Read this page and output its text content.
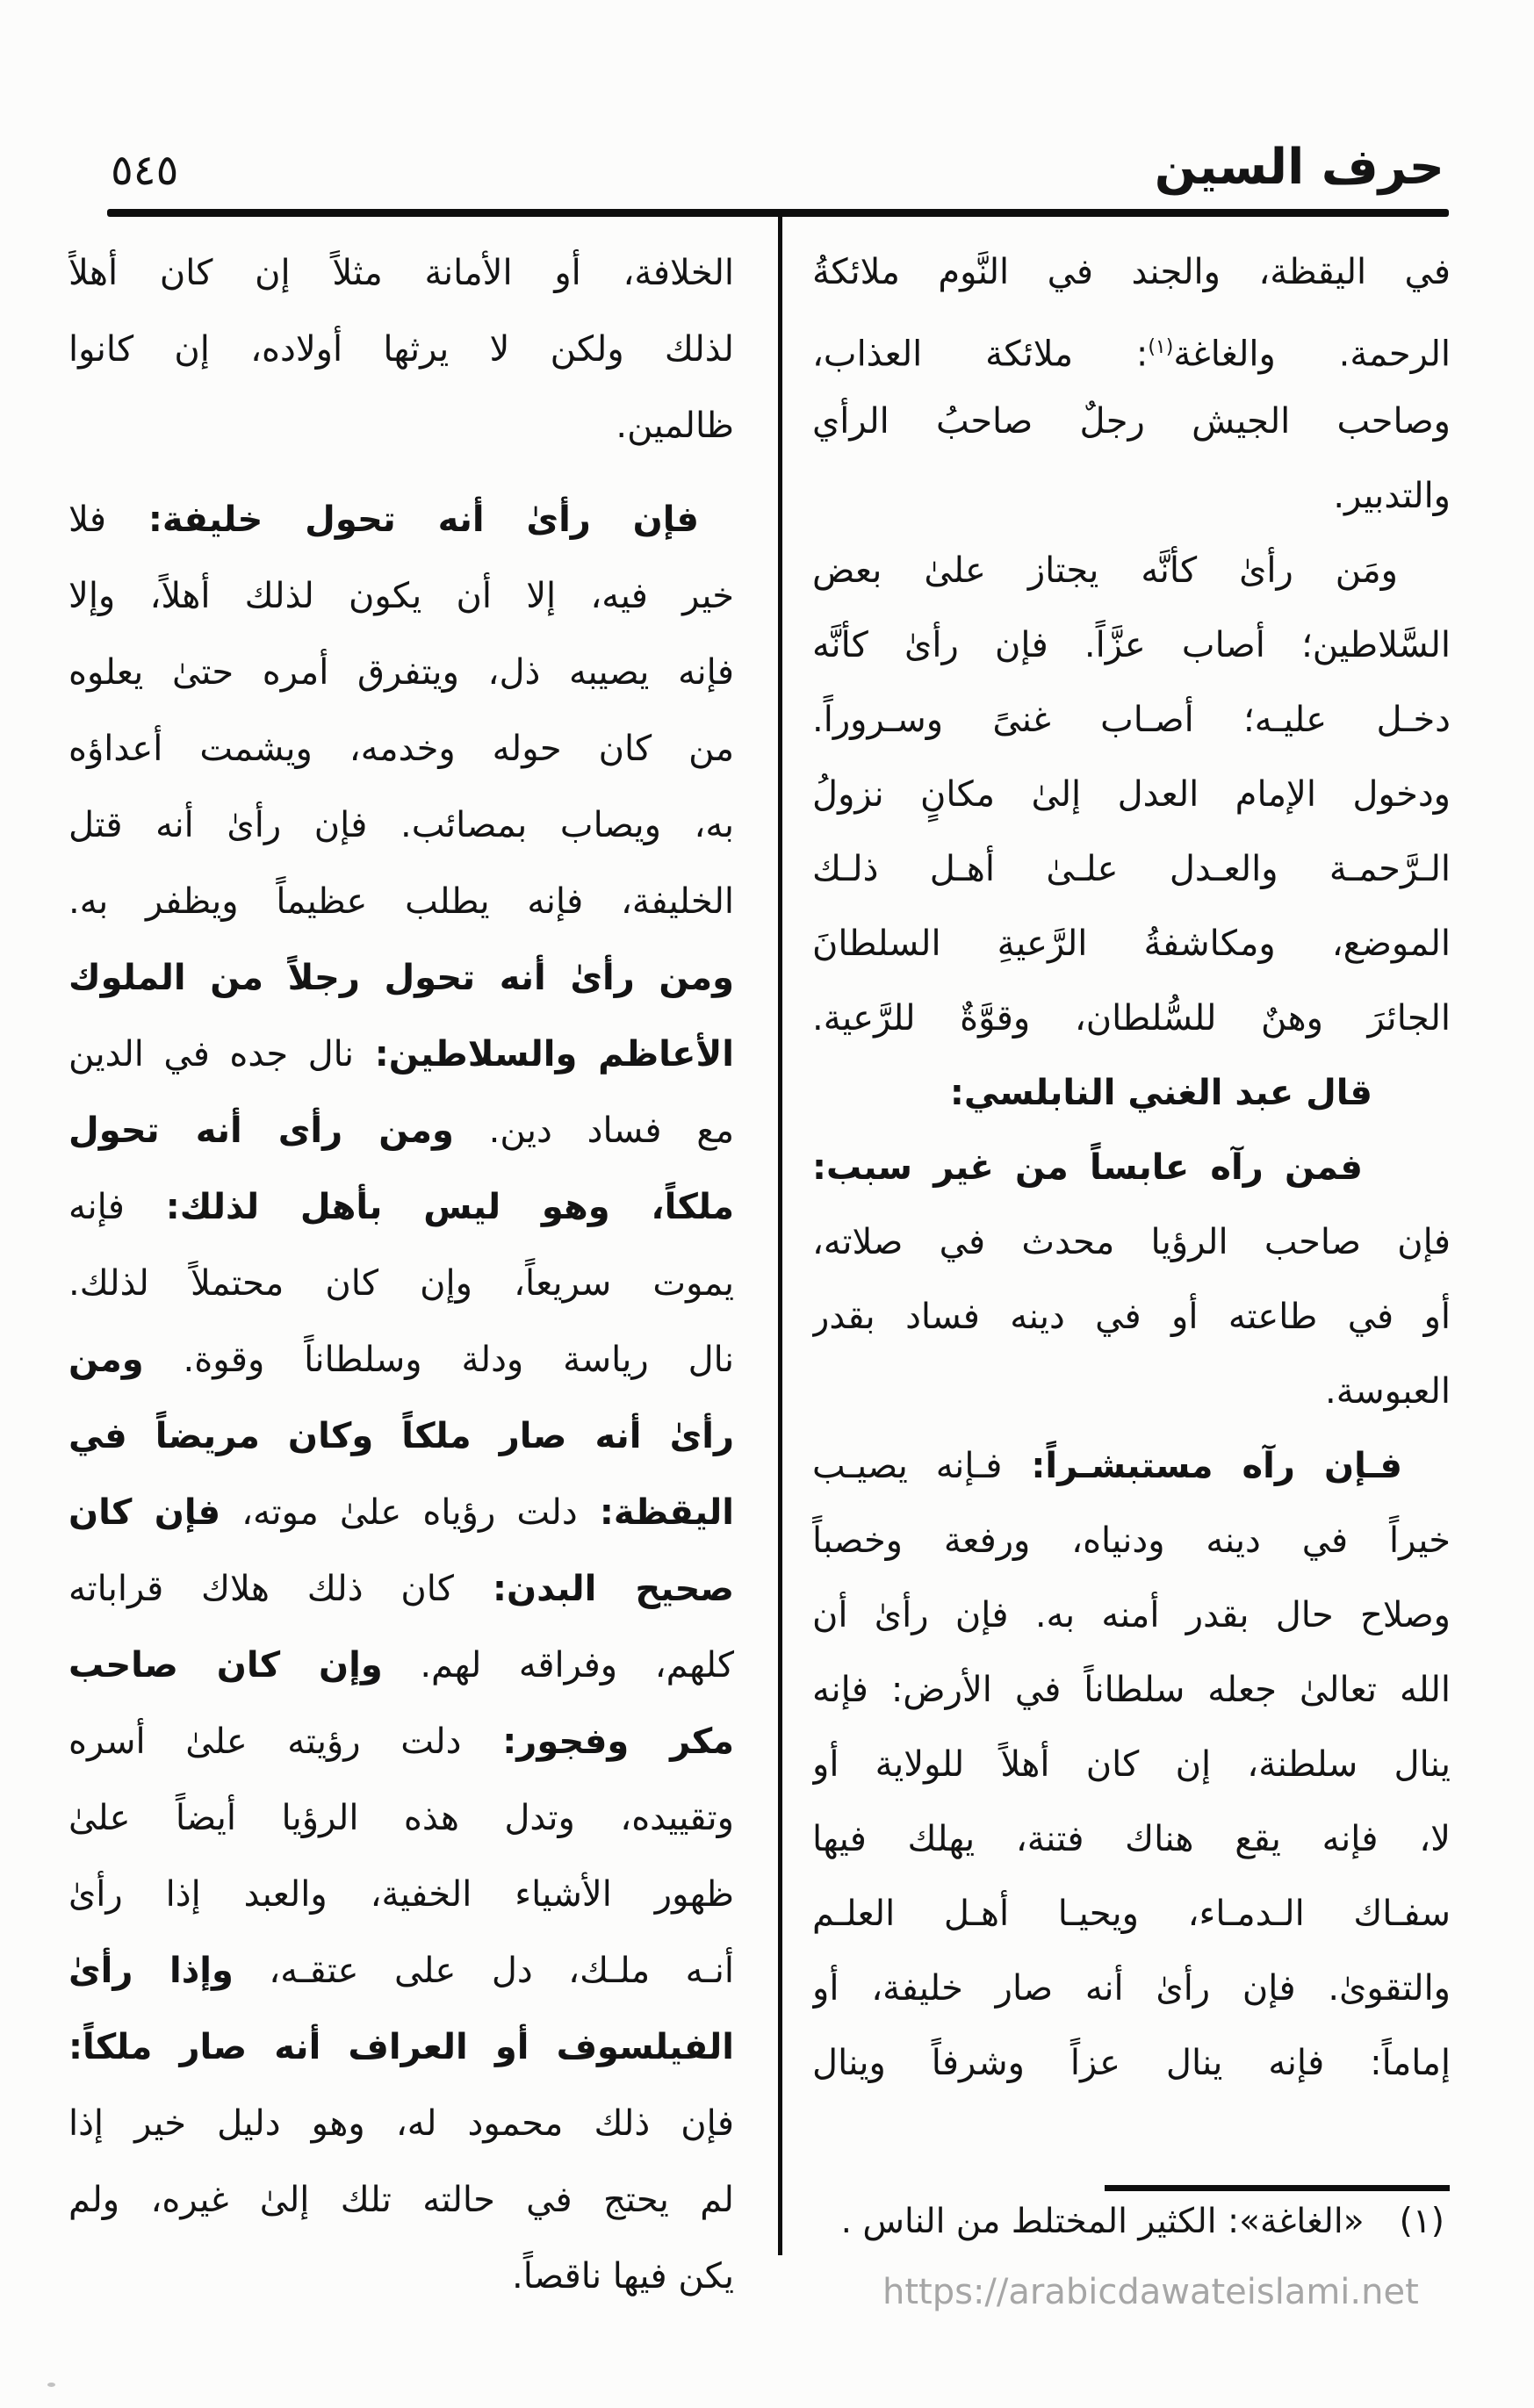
حرف السين
٥٤٥
في اليقظة، والجند في النَّوم ملائكةُ
الرحمة. والغاغة$^{(١)}$: ملائكة العذاب،
وصاحب الجيش رجلٌ صاحبُ الرأي
والتدبير.
ومَن رأىٰ كأنَّه يجتاز علىٰ بعض
السَّلاطين؛ أصاب عزَّاً. فإن رأىٰ كأنَّه
دخـل عليـه؛ أصـاب غنىً وسـروراً.
ودخول الإمام العدل إلىٰ مكانٍ نزولُ
الـرَّحمـة والعـدل علـىٰ أهـل ذلـك
الموضع، ومكاشفةُ الرَّعيةِ السلطانَ
الجائرَ وهنٌ للسُّلطان، وقوَّةٌ للرَّعية.
قال عبد الغني النابلسي:
فمن رآه عابساً من غير سبب:
فإن صاحب الرؤيا محدث في صلاته،
أو في طاعته أو في دينه فساد بقدر
العبوسة.
فـإن رآه مستبشـراً: فـإنه يصيـب
خيراً في دينه ودنياه، ورفعة وخصباً
وصلاح حال بقدر أمنه به. فإن رأىٰ أن
الله تعالىٰ جعله سلطاناً في الأرض: فإنه
ينال سلطنة، إن كان أهلاً للولاية أو
لا، فإنه يقع هناك فتنة، يهلك فيها
سفـاك الـدمـاء، ويحيـا أهـل العلـم
والتقوىٰ. فإن رأىٰ أنه صار خليفة، أو
إماماً: فإنه ينال عزاً وشرفاً وينال
الخلافة، أو الأمانة مثلاً إن كان أهلاً
لذلك ولكن لا يرثها أولاده، إن كانوا
ظالمين.
فإن رأىٰ أنه تحول خليفة: فلا
خير فيه، إلا أن يكون لذلك أهلاً، وإلا
فإنه يصيبه ذل، ويتفرق أمره حتىٰ يعلوه
من كان حوله وخدمه، ويشمت أعداؤه
به، ويصاب بمصائب. فإن رأىٰ أنه قتل
الخليفة، فإنه يطلب عظيماً ويظفر به.
ومن رأىٰ أنه تحول رجلاً من الملوك
الأعاظم والسلاطين: نال جده في الدين
مع فساد دين. ومن رأى أنه تحول
ملكاً، وهو ليس بأهل لذلك: فإنه
يموت سريعاً، وإن كان محتملاً لذلك.
نال رياسة ودلة وسلطاناً وقوة. ومن
رأىٰ أنه صار ملكاً وكان مريضاً في
اليقظة: دلت رؤياه علىٰ موته، فإن كان
صحيح البدن: كان ذلك هلاك قراباته
كلهم، وفراقه لهم. وإن كان صاحب
مكر وفجور: دلت رؤيته علىٰ أسره
وتقييده، وتدل هذه الرؤيا أيضاً علىٰ
ظهور الأشياء الخفية، والعبد إذا رأىٰ
أنـه ملـك، دل على عتقـه، وإذا رأىٰ
الفيلسوف أو العراف أنه صار ملكاً:
فإن ذلك محمود له، وهو دليل خير إذا
لم يحتج في حالته تلك إلىٰ غيره، ولم
يكن فيها ناقصاً.
(١)«الغاغة»: الكثير المختلط من الناس .
https://arabicdawateislami.net
